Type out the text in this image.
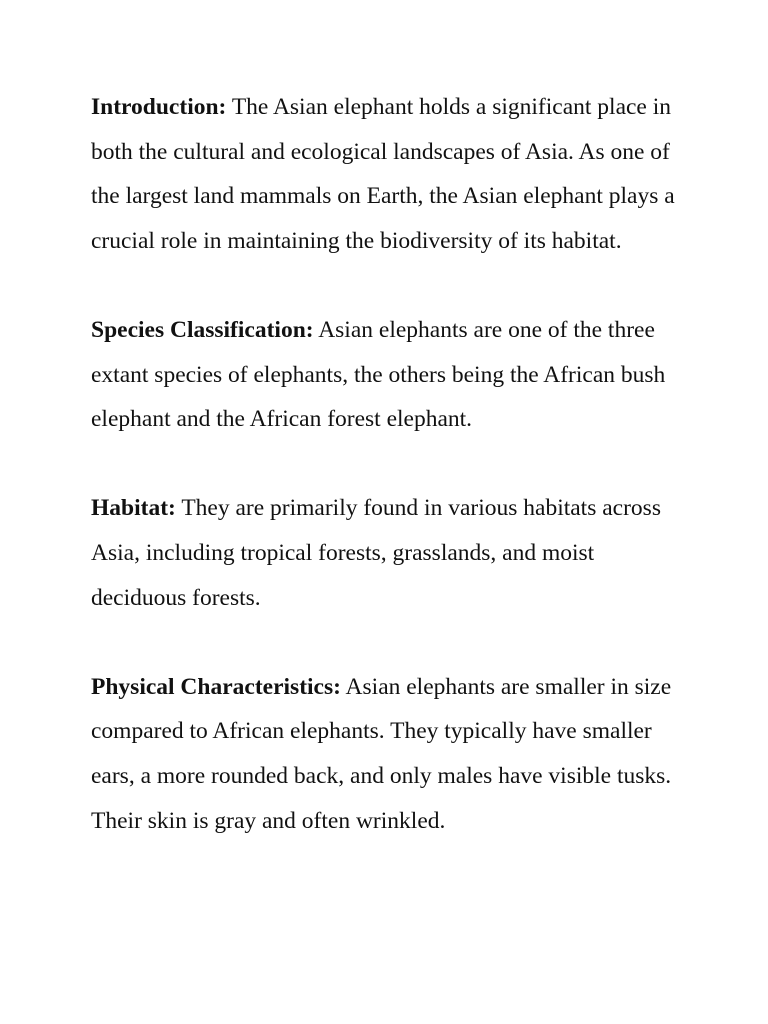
Introduction: The Asian elephant holds a significant place in both the cultural and ecological landscapes of Asia. As one of the largest land mammals on Earth, the Asian elephant plays a crucial role in maintaining the biodiversity of its habitat.

Species Classification: Asian elephants are one of the three extant species of elephants, the others being the African bush elephant and the African forest elephant.

Habitat: They are primarily found in various habitats across Asia, including tropical forests, grasslands, and moist deciduous forests.

Physical Characteristics: Asian elephants are smaller in size compared to African elephants. They typically have smaller ears, a more rounded back, and only males have visible tusks. Their skin is gray and often wrinkled.
